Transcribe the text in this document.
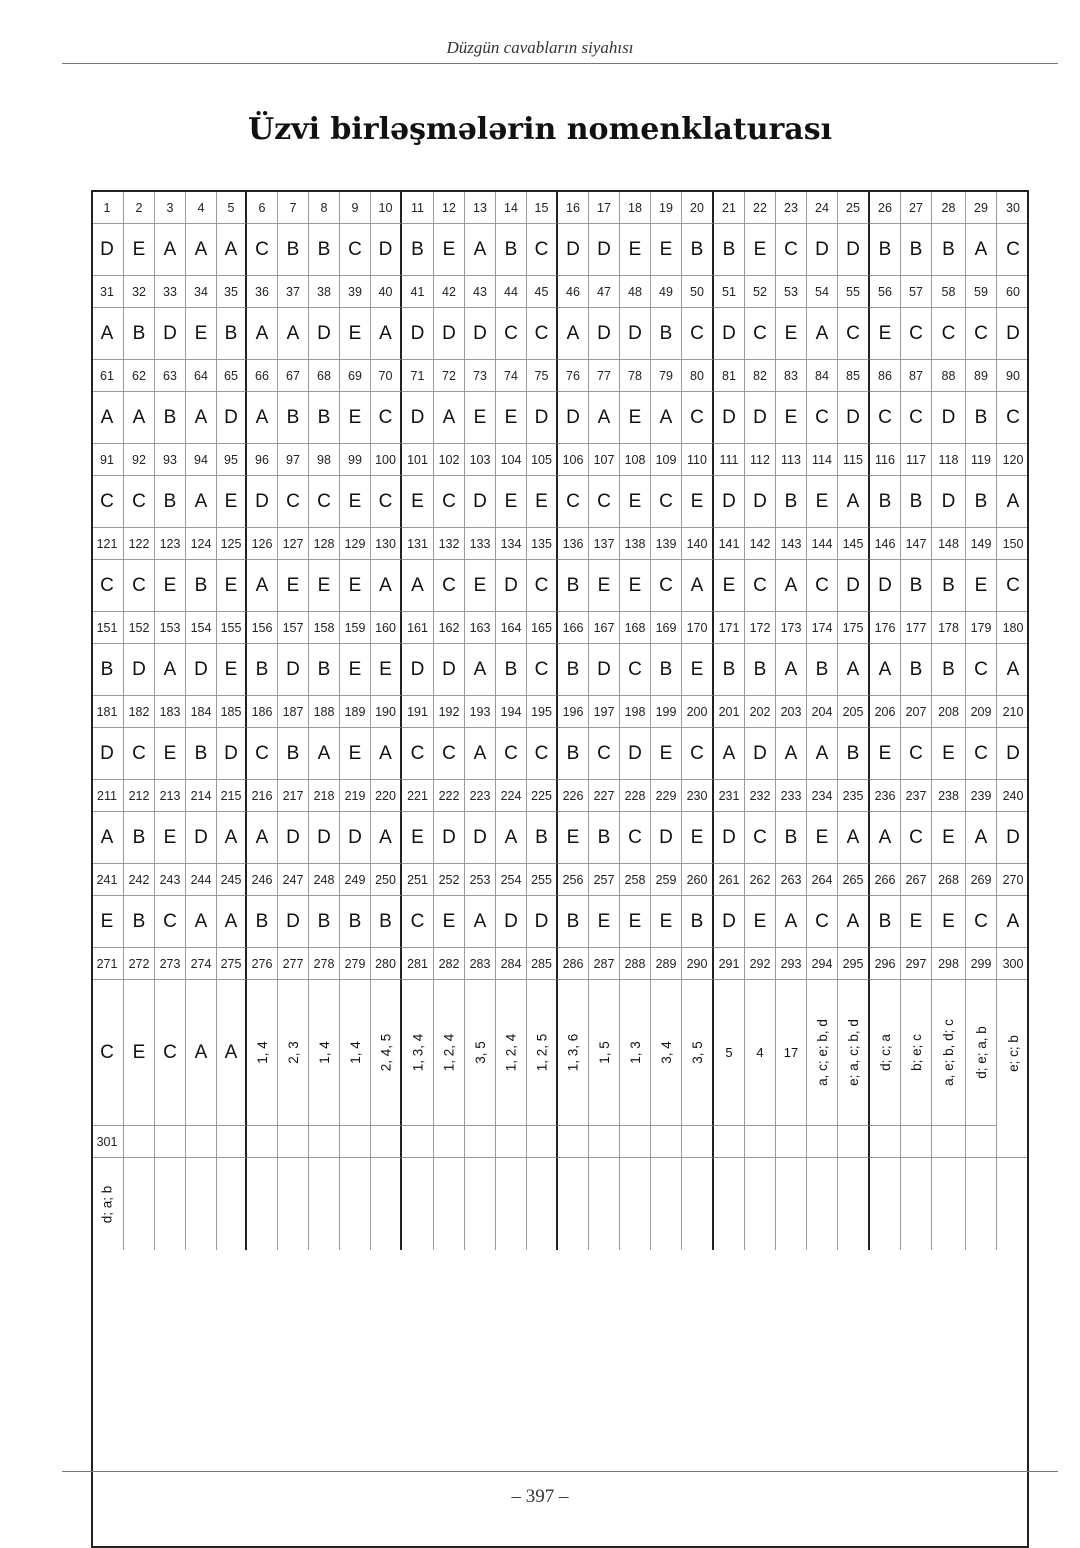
Düzgün cavabların siyahısı
Üzvi birləşmələrin nomenklaturası
1
D
2
E
3
A
4
A
5
A
6
C
7
B
8
B
9
C
10
D
11
B
12
E
13
A
14
B
15
C
16
D
17
D
18
E
19
E
20
B
21
B
22
E
23
C
24
D
25
D
26
B
27
B
28
B
29
A
30
C
31
A
32
B
33
D
34
E
35
B
36
A
37
A
38
D
39
E
40
A
41
D
42
D
43
D
44
C
45
C
46
A
47
D
48
D
49
B
50
C
51
D
52
C
53
E
54
A
55
C
56
E
57
C
58
C
59
C
60
D
61
A
62
A
63
B
64
A
65
D
66
A
67
B
68
B
69
E
70
C
71
D
72
A
73
E
74
E
75
D
76
D
77
A
78
E
79
A
80
C
81
D
82
D
83
E
84
C
85
D
86
C
87
C
88
D
89
B
90
C
91
C
92
C
93
B
94
A
95
E
96
D
97
C
98
C
99
E
100
C
101
E
102
C
103
D
104
E
105
E
106
C
107
C
108
E
109
C
110
E
111
D
112
D
113
B
114
E
115
A
116
B
117
B
118
D
119
B
120
A
121
C
122
C
123
E
124
B
125
E
126
A
127
E
128
E
129
E
130
A
131
A
132
C
133
E
134
D
135
C
136
B
137
E
138
E
139
C
140
A
141
E
142
C
143
A
144
C
145
D
146
D
147
B
148
B
149
E
150
C
151
B
152
D
153
A
154
D
155
E
156
B
157
D
158
B
159
E
160
E
161
D
162
D
163
A
164
B
165
C
166
B
167
D
168
C
169
B
170
E
171
B
172
B
173
A
174
B
175
A
176
A
177
B
178
B
179
C
180
A
181
D
182
C
183
E
184
B
185
D
186
C
187
B
188
A
189
E
190
A
191
C
192
C
193
A
194
C
195
C
196
B
197
C
198
D
199
E
200
C
201
A
202
D
203
A
204
A
205
B
206
E
207
C
208
E
209
C
210
D
211
A
212
B
213
E
214
D
215
A
216
A
217
D
218
D
219
D
220
A
221
E
222
D
223
D
224
A
225
B
226
E
227
B
228
C
229
D
230
E
231
D
232
C
233
B
234
E
235
A
236
A
237
C
238
E
239
A
240
D
241
E
242
B
243
C
244
A
245
A
246
B
247
D
248
B
249
B
250
B
251
C
252
E
253
A
254
D
255
D
256
B
257
E
258
E
259
E
260
B
261
D
262
E
263
A
264
C
265
A
266
B
267
E
268
E
269
C
270
A
271
C
272
E
273
C
274
A
275
A
276
1, 4
277
2, 3
278
1, 4
279
1, 4
280
2, 4, 5
281
1, 3, 4
282
1, 2, 4
283
3, 5
284
1, 2, 4
285
1, 2, 5
286
1, 3, 6
287
1, 5
288
1, 3
289
3, 4
290
3, 5
291
5
292
4
293
17
294
a, c; e; b, d
295
e; a, c; b, d
296
d; c; a
297
b; e; c
298
a, e; b, d; c
299
d; e; a, b
300
e; c; b
301
d; a; b
– 397 –
